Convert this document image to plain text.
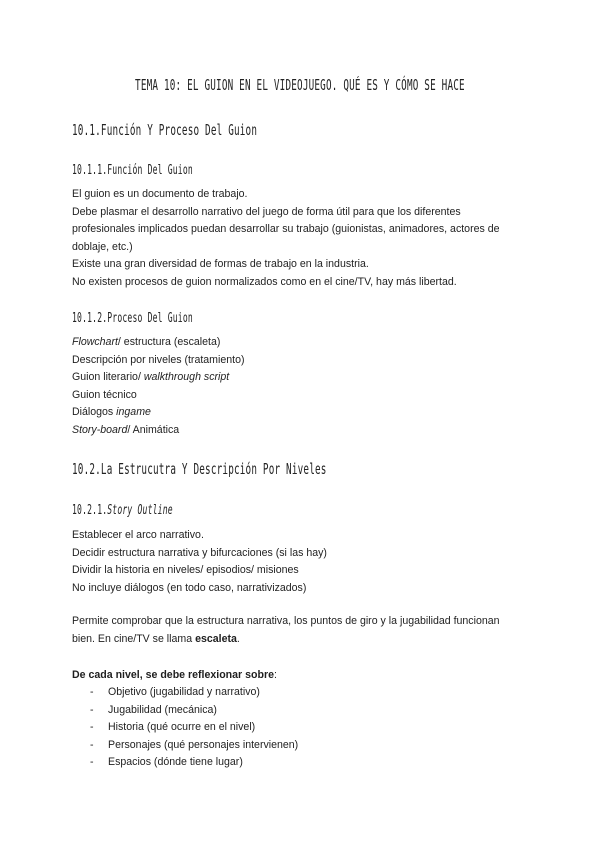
TEMA 10: EL GUION EN EL VIDEOJUEGO. QUÉ ES Y CÓMO SE HACE
10.1.Función Y Proceso Del Guion
10.1.1.Función Del Guion

El guion es un documento de trabajo.

Debe plasmar el desarrollo narrativo del juego de forma útil para que los diferentes

profesionales implicados puedan desarrollar su trabajo (guionistas, animadores, actores de

doblaje, etc.)

Existe una gran diversidad de formas de trabajo en la industria.

No existen procesos de guion normalizados como en el cine/TV, hay más libertad.

10.1.2.Proceso Del Guion

Flowchart/ estructura (escaleta)

Descripción por niveles (tratamiento)

Guion literario/ walkthrough script

Guion técnico

Diálogos ingame

Story-board/ Animática

10.2.La Estrucutra Y Descripción Por Niveles
10.2.1.Story Outline

Establecer el arco narrativo.

Decidir estructura narrativa y bifurcaciones (si las hay)

Dividir la historia en niveles/ episodios/ misiones

No incluye diálogos (en todo caso, narrativizados)

Permite comprobar que la estructura narrativa, los puntos de giro y la jugabilidad funcionan

bien. En cine/TV se llama escaleta.

De cada nivel, se debe reflexionar sobre:

- Objetivo (jugabilidad y narrativo)
- Jugabilidad (mecánica)
- Historia (qué ocurre en el nivel)
- Personajes (qué personajes intervienen)
- Espacios (dónde tiene lugar)
